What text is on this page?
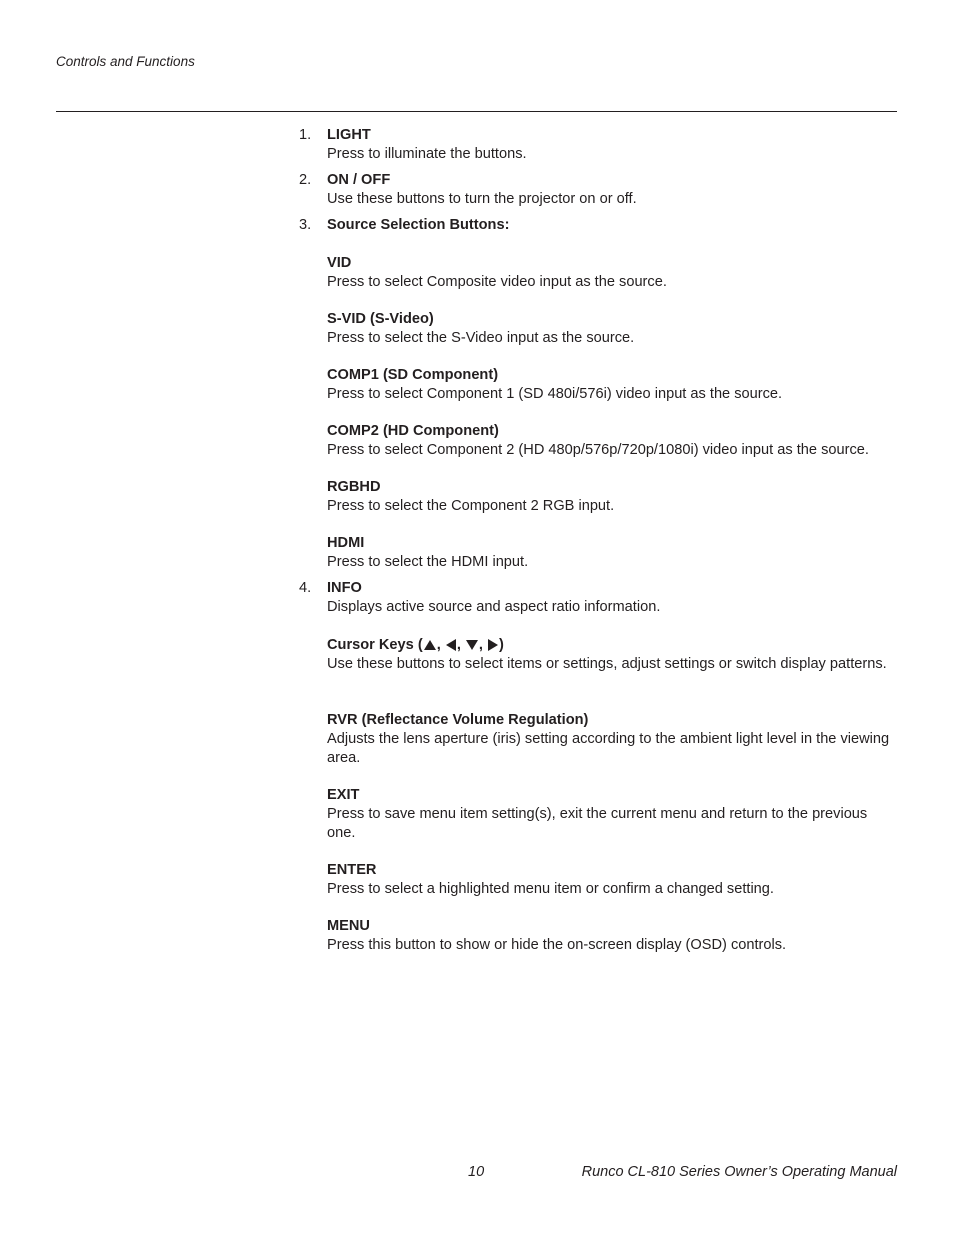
Controls and Functions
1.	LIGHT
Press to illuminate the buttons.
2.	ON / OFF
Use these buttons to turn the projector on or off.
3.	Source Selection Buttons:
VID
Press to select Composite video input as the source.
S-VID (S-Video)
Press to select the S-Video input as the source.
COMP1 (SD Component)
Press to select Component 1 (SD 480i/576i) video input as the source.
COMP2 (HD Component)
Press to select Component 2 (HD 480p/576p/720p/1080i) video input as the source.
RGBHD
Press to select the Component 2 RGB input.
HDMI
Press to select the HDMI input.
4.	INFO
Displays active source and aspect ratio information.
Cursor Keys ( , , , )
Use these buttons to select items or settings, adjust settings or switch display patterns.
RVR (Reflectance Volume Regulation)
Adjusts the lens aperture (iris) setting according to the ambient light level in the viewing area.
EXIT
Press to save menu item setting(s), exit the current menu and return to the previous one.
ENTER
Press to select a highlighted menu item or confirm a changed setting.
MENU
Press this button to show or hide the on-screen display (OSD) controls.
10	Runco CL-810 Series Owner’s Operating Manual
